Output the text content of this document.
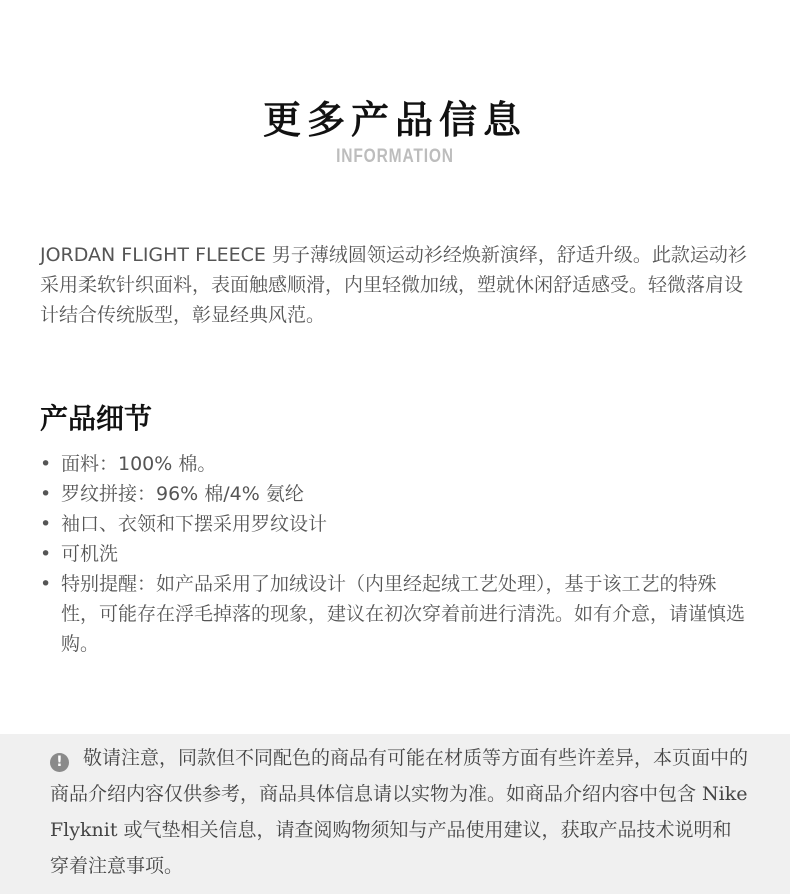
更多产品信息
INFORMATION

JORDAN FLIGHT FLEECE 男子薄绒圆领运动衫经焕新演绎，舒适升级。此款运动衫采用柔软针织面料，表面触感顺滑，内里轻微加绒，塑就休闲舒适感受。轻微落肩设计结合传统版型，彰显经典风范。

产品细节
• 面料：100% 棉。
• 罗纹拼接：96% 棉/4% 氨纶
• 袖口、衣领和下摆采用罗纹设计
• 可机洗
• 特别提醒：如产品采用了加绒设计（内里经起绒工艺处理），基于该工艺的特殊性，可能存在浮毛掉落的现象，建议在初次穿着前进行清洗。如有介意，请谨慎选购。

! 敬请注意，同款但不同配色的商品有可能在材质等方面有些许差异，本页面中的商品介绍内容仅供参考，商品具体信息请以实物为准。如商品介绍内容中包含 Nike Flyknit 或气垫相关信息，请查阅购物须知与产品使用建议，获取产品技术说明和穿着注意事项。
